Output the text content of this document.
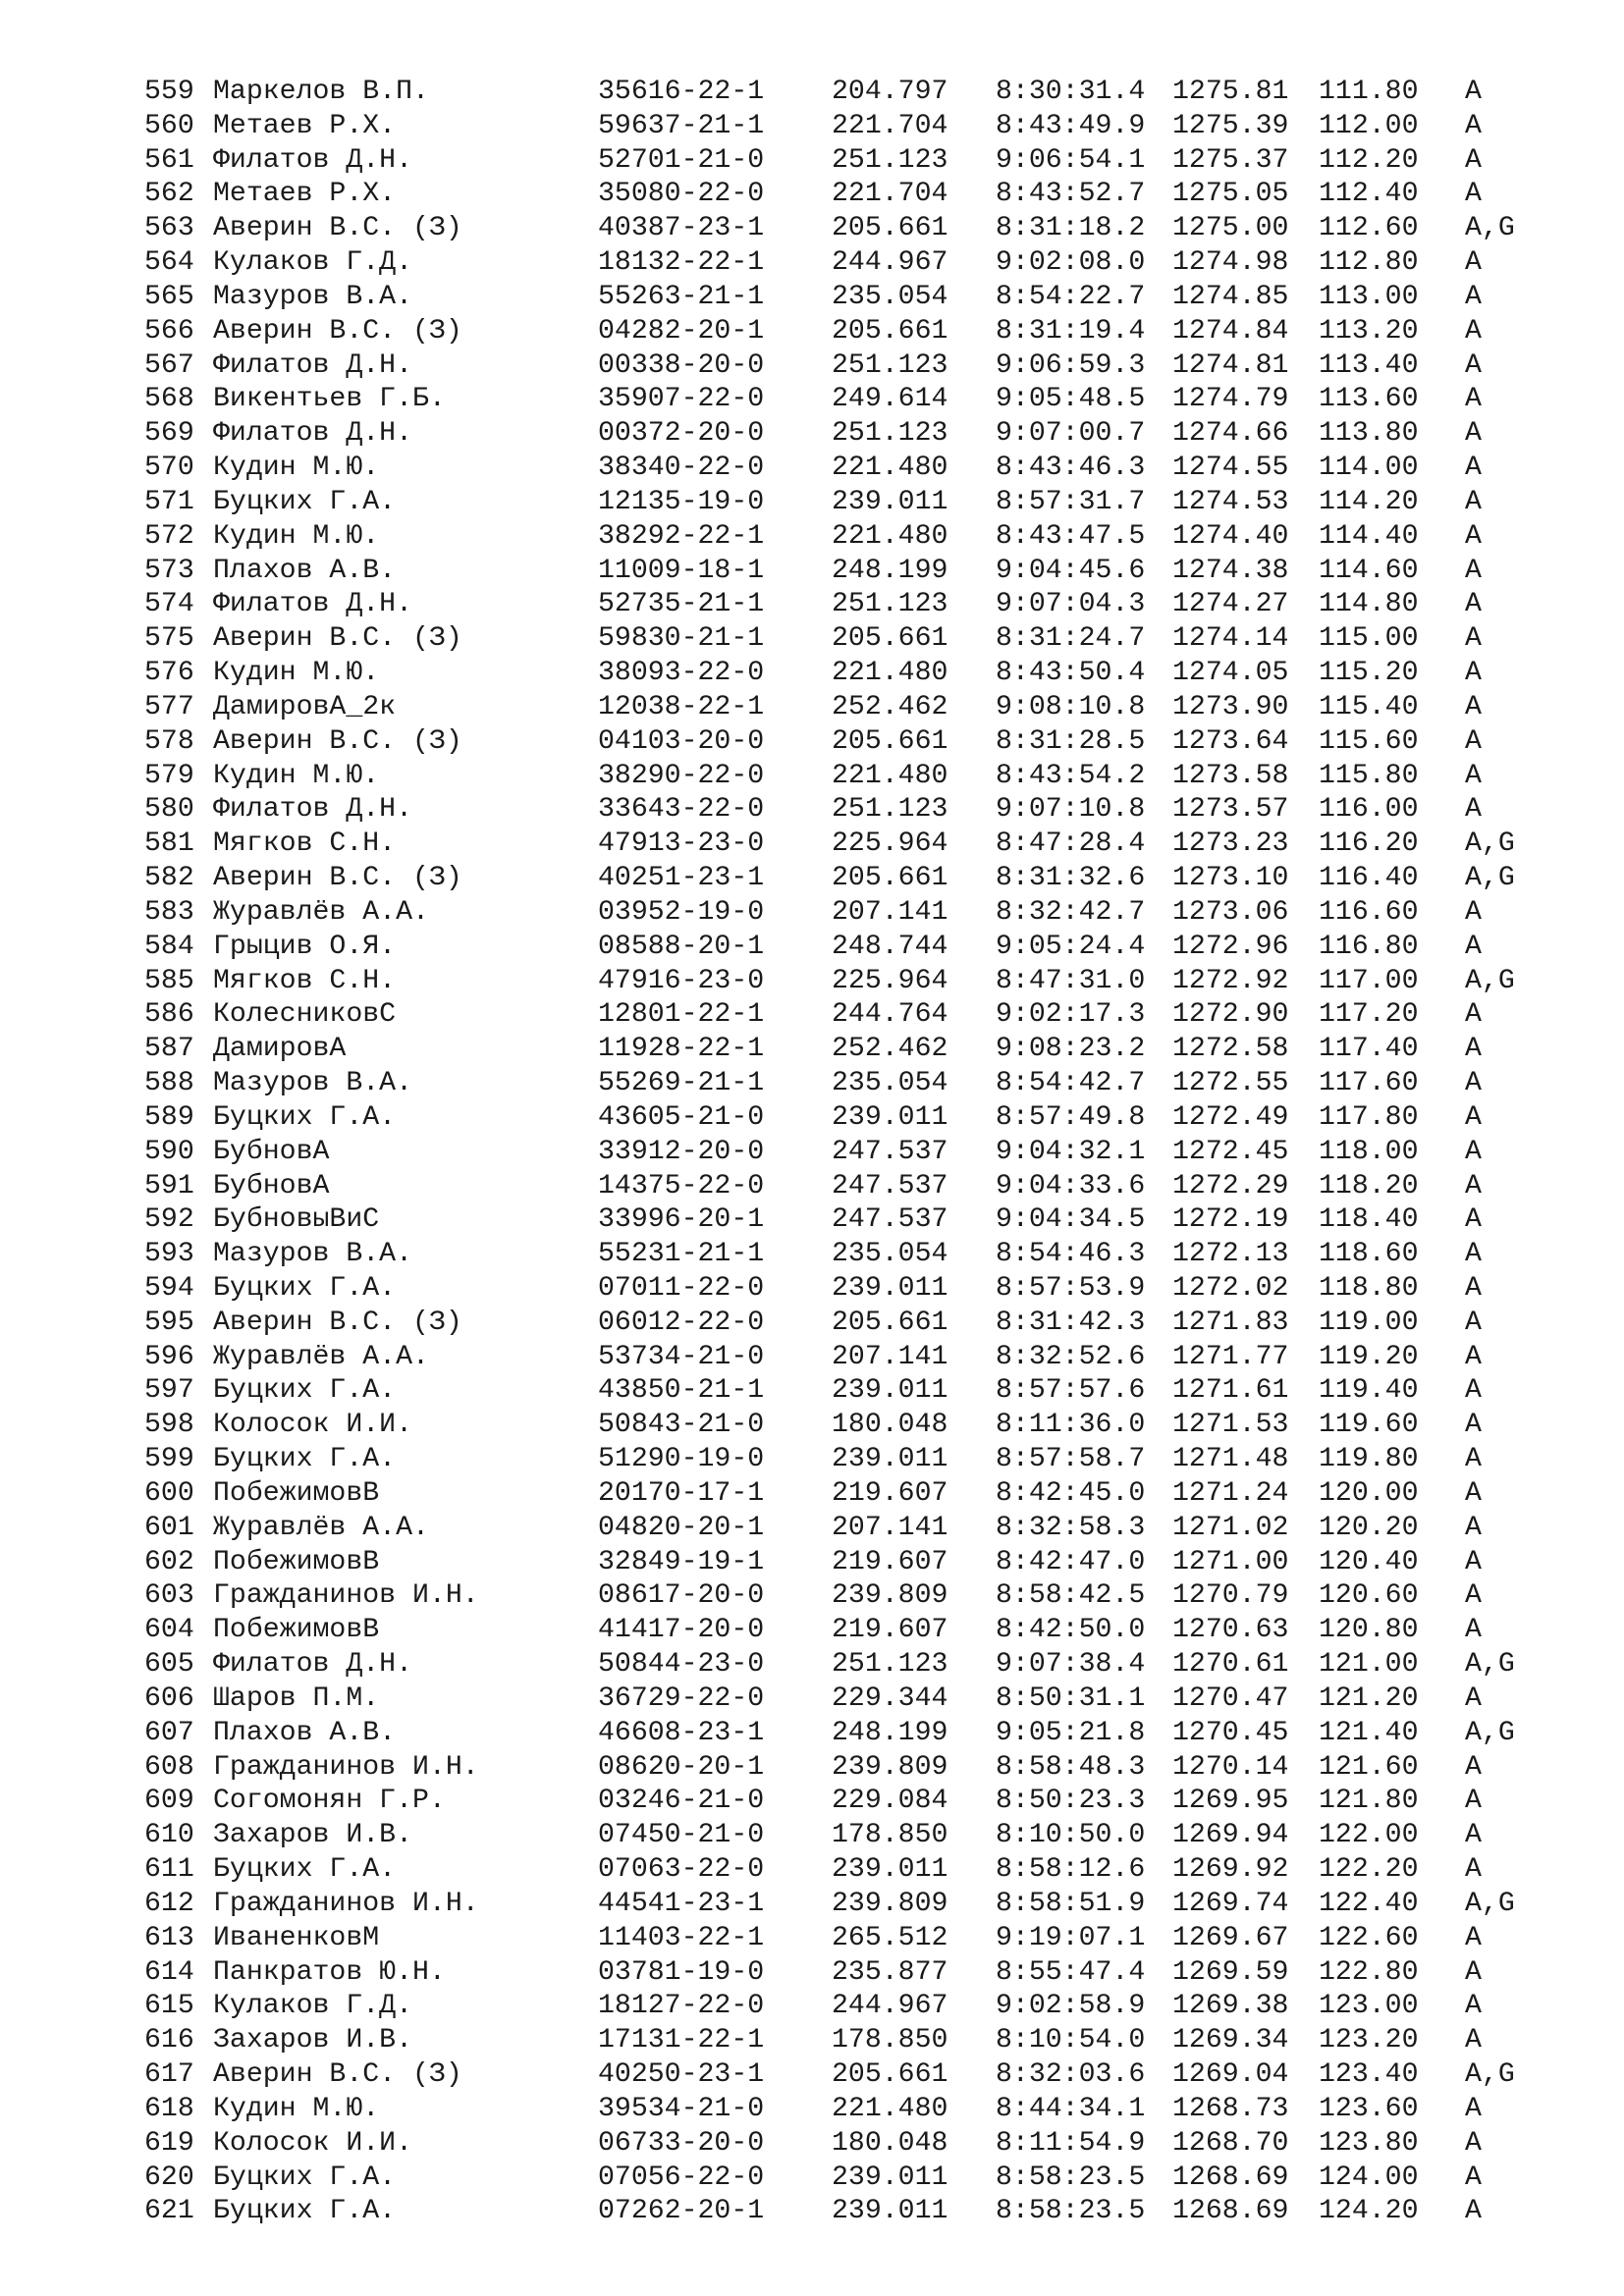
559 Маркелов В.П.	35616-22-1	204.797	8:30:31.4 1275.81	111.80	A
560 Метаев Р.Х.	59637-21-1	221.704	8:43:49.9 1275.39	112.00	A
561 Филатов Д.Н.	52701-21-0	251.123	9:06:54.1 1275.37	112.20	A
562 Метаев Р.Х.	35080-22-0	221.704	8:43:52.7 1275.05	112.40	A
563 Аверин В.С. (З)	40387-23-1	205.661	8:31:18.2 1275.00	112.60	A,G
564 Кулаков Г.Д.	18132-22-1	244.967	9:02:08.0 1274.98	112.80	A
565 Мазуров В.А.	55263-21-1	235.054	8:54:22.7 1274.85	113.00	A
566 Аверин В.С. (З)	04282-20-1	205.661	8:31:19.4 1274.84	113.20	A
567 Филатов Д.Н.	00338-20-0	251.123	9:06:59.3 1274.81	113.40	A
568 Викентьев Г.Б.	35907-22-0	249.614	9:05:48.5 1274.79	113.60	A
569 Филатов Д.Н.	00372-20-0	251.123	9:07:00.7 1274.66	113.80	A
570 Кудин М.Ю.	38340-22-0	221.480	8:43:46.3 1274.55	114.00	A
571 Буцких Г.А.	12135-19-0	239.011	8:57:31.7 1274.53	114.20	A
572 Кудин М.Ю.	38292-22-1	221.480	8:43:47.5 1274.40	114.40	A
573 Плахов А.В.	11009-18-1	248.199	9:04:45.6 1274.38	114.60	A
574 Филатов Д.Н.	52735-21-1	251.123	9:07:04.3 1274.27	114.80	A
575 Аверин В.С. (З)	59830-21-1	205.661	8:31:24.7 1274.14	115.00	A
576 Кудин М.Ю.	38093-22-0	221.480	8:43:50.4 1274.05	115.20	A
577 ДамировА_2к	12038-22-1	252.462	9:08:10.8 1273.90	115.40	A
578 Аверин В.С. (З)	04103-20-0	205.661	8:31:28.5 1273.64	115.60	A
579 Кудин М.Ю.	38290-22-0	221.480	8:43:54.2 1273.58	115.80	A
580 Филатов Д.Н.	33643-22-0	251.123	9:07:10.8 1273.57	116.00	A
581 Мягков С.Н.	47913-23-0	225.964	8:47:28.4 1273.23	116.20	A,G
582 Аверин В.С. (З)	40251-23-1	205.661	8:31:32.6 1273.10	116.40	A,G
583 Журавлёв А.А.	03952-19-0	207.141	8:32:42.7 1273.06	116.60	A
584 Грыцив О.Я.	08588-20-1	248.744	9:05:24.4 1272.96	116.80	A
585 Мягков С.Н.	47916-23-0	225.964	8:47:31.0 1272.92	117.00	A,G
586 КолесниковС	12801-22-1	244.764	9:02:17.3 1272.90	117.20	A
587 ДамировА	11928-22-1	252.462	9:08:23.2 1272.58	117.40	A
588 Мазуров В.А.	55269-21-1	235.054	8:54:42.7 1272.55	117.60	A
589 Буцких Г.А.	43605-21-0	239.011	8:57:49.8 1272.49	117.80	A
590 БубновА	33912-20-0	247.537	9:04:32.1 1272.45	118.00	A
591 БубновА	14375-22-0	247.537	9:04:33.6 1272.29	118.20	A
592 БубновыВиС	33996-20-1	247.537	9:04:34.5 1272.19	118.40	A
593 Мазуров В.А.	55231-21-1	235.054	8:54:46.3 1272.13	118.60	A
594 Буцких Г.А.	07011-22-0	239.011	8:57:53.9 1272.02	118.80	A
595 Аверин В.С. (З)	06012-22-0	205.661	8:31:42.3 1271.83	119.00	A
596 Журавлёв А.А.	53734-21-0	207.141	8:32:52.6 1271.77	119.20	A
597 Буцких Г.А.	43850-21-1	239.011	8:57:57.6 1271.61	119.40	A
598 Колосок И.И.	50843-21-0	180.048	8:11:36.0 1271.53	119.60	A
599 Буцких Г.А.	51290-19-0	239.011	8:57:58.7 1271.48	119.80	A
600 ПобежимовВ	20170-17-1	219.607	8:42:45.0 1271.24	120.00	A
601 Журавлёв А.А.	04820-20-1	207.141	8:32:58.3 1271.02	120.20	A
602 ПобежимовВ	32849-19-1	219.607	8:42:47.0 1271.00	120.40	A
603 Гражданинов И.Н.	08617-20-0	239.809	8:58:42.5 1270.79	120.60	A
604 ПобежимовВ	41417-20-0	219.607	8:42:50.0 1270.63	120.80	A
605 Филатов Д.Н.	50844-23-0	251.123	9:07:38.4 1270.61	121.00	A,G
606 Шаров П.М.	36729-22-0	229.344	8:50:31.1 1270.47	121.20	A
607 Плахов А.В.	46608-23-1	248.199	9:05:21.8 1270.45	121.40	A,G
608 Гражданинов И.Н.	08620-20-1	239.809	8:58:48.3 1270.14	121.60	A
609 Согомонян Г.Р.	03246-21-0	229.084	8:50:23.3 1269.95	121.80	A
610 Захаров И.В.	07450-21-0	178.850	8:10:50.0 1269.94	122.00	A
611 Буцких Г.А.	07063-22-0	239.011	8:58:12.6 1269.92	122.20	A
612 Гражданинов И.Н.	44541-23-1	239.809	8:58:51.9 1269.74	122.40	A,G
613 ИваненковМ	11403-22-1	265.512	9:19:07.1 1269.67	122.60	A
614 Панкратов Ю.Н.	03781-19-0	235.877	8:55:47.4 1269.59	122.80	A
615 Кулаков Г.Д.	18127-22-0	244.967	9:02:58.9 1269.38	123.00	A
616 Захаров И.В.	17131-22-1	178.850	8:10:54.0 1269.34	123.20	A
617 Аверин В.С. (З)	40250-23-1	205.661	8:32:03.6 1269.04	123.40	A,G
618 Кудин М.Ю.	39534-21-0	221.480	8:44:34.1 1268.73	123.60	A
619 Колосок И.И.	06733-20-0	180.048	8:11:54.9 1268.70	123.80	A
620 Буцких Г.А.	07056-22-0	239.011	8:58:23.5 1268.69	124.00	A
621 Буцких Г.А.	07262-20-1	239.011	8:58:23.5 1268.69	124.20	A
